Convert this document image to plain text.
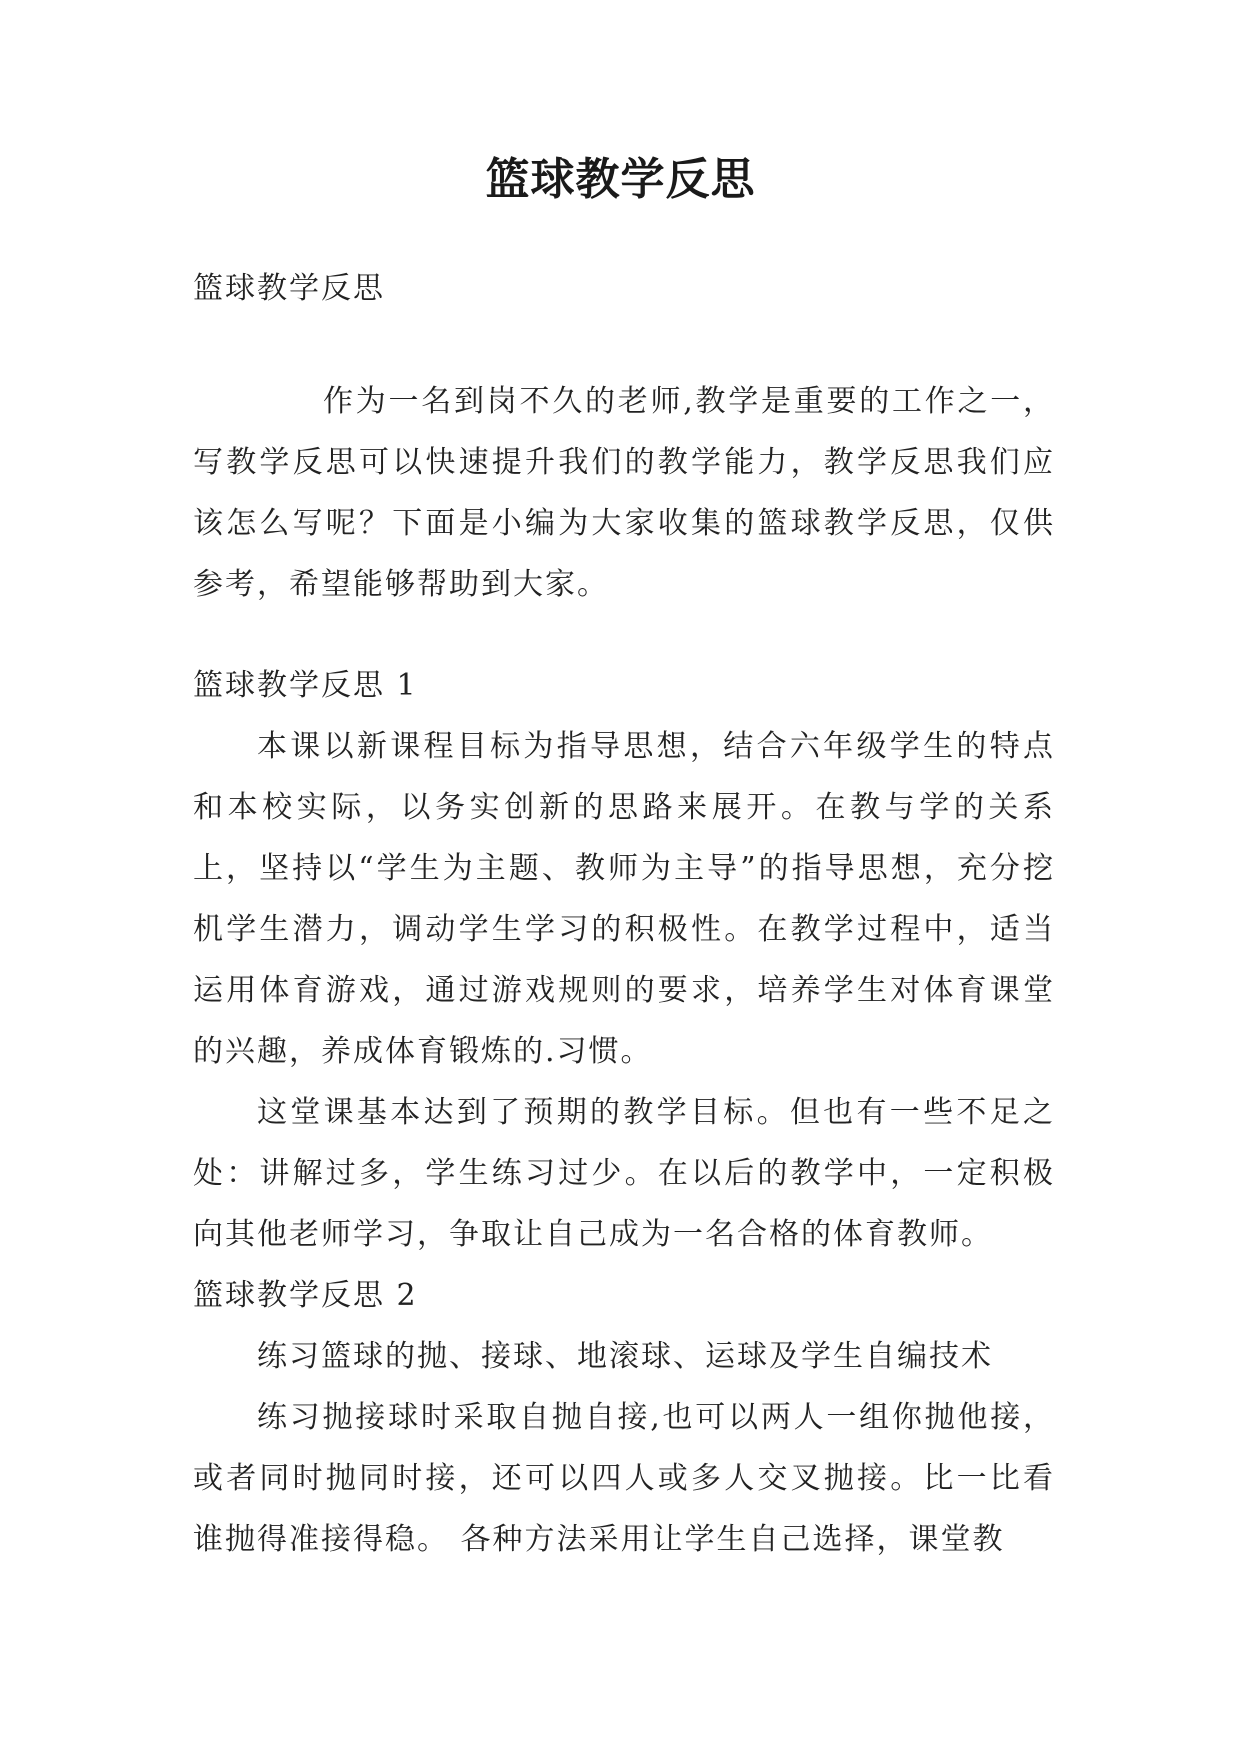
篮球教学反思

篮球教学反思

作为一名到岗不久的老师,教学是重要的工作之一，写教学反思可以快速提升我们的教学能力，教学反思我们应该怎么写呢？下面是小编为大家收集的篮球教学反思，仅供参考，希望能够帮助到大家。

篮球教学反思 1

本课以新课程目标为指导思想，结合六年级学生的特点和本校实际，以务实创新的思路来展开。在教与学的关系上，坚持以“学生为主题、教师为主导”的指导思想，充分挖机学生潜力，调动学生学习的积极性。在教学过程中，适当运用体育游戏，通过游戏规则的要求，培养学生对体育课堂的兴趣，养成体育锻炼的.习惯。

这堂课基本达到了预期的教学目标。但也有一些不足之处：讲解过多，学生练习过少。在以后的教学中，一定积极向其他老师学习，争取让自己成为一名合格的体育教师。

篮球教学反思 2

练习篮球的抛、接球、地滚球、运球及学生自编技术

练习抛接球时采取自抛自接,也可以两人一组你抛他接，或者同时抛同时接，还可以四人或多人交叉抛接。比一比看谁抛得准接得稳。 各种方法采用让学生自己选择，课堂教
